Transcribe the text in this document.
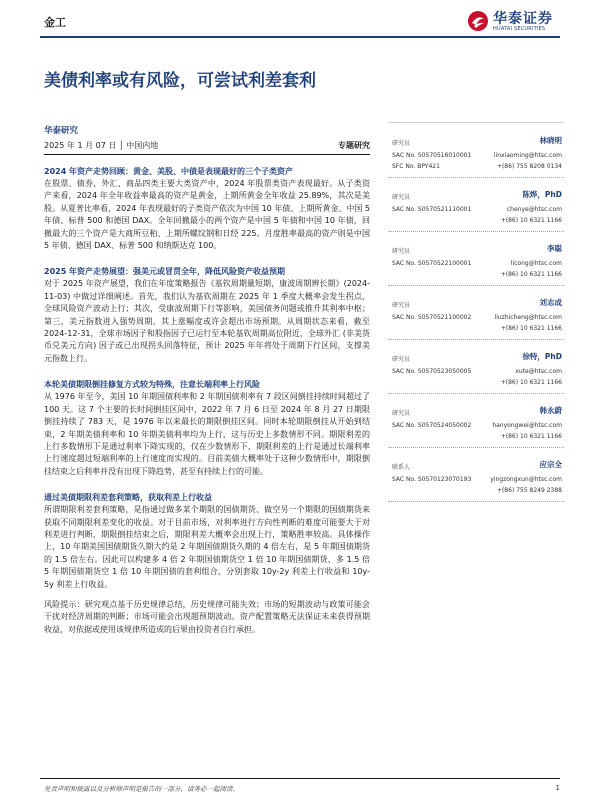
金工	华泰证券
HUATAI SECURITIES
美债利率或有风险，可尝试利差套利
华泰研究
2025 年 1 月 07 日 │ 中国内地	专题研究
2024 年资产走势回顾：黄金、美股、中债是表现最好的三个子类资产

在股票、债券、外汇、商品四类主要大类资产中，2024 年股票类资产表现最好。从子类资产来看，2024 年全年收益率最高的资产是黄金，上期所黄金全年收益 25.89%，其次是美股。从夏普比率看，2024 年表现最好的子类资产依次为中国 10 年债、上期所黄金、中国 5 年债、标普 500 和德国 DAX。全年回撤最小的两个资产是中国 5 年债和中国 10 年债，回撤最大的三个资产是大商所豆粕、上期所螺纹钢和日经 225。月度胜率最高的资产则是中国 5 年债、德国 DAX、标普 500 和纳斯达克 100。

2025 年资产走势展望：强美元或冒贯全年，降低风险资产收益预期

对于 2025 年资产展望，我们在年度策略报告《基钦周期量短期，康波周期辨长期》(2024-11-03) 中做过详细阐述。首先，我们认为基钦周期在 2025 年 1 季度大概率会发生拐点，全球风险资产波动上行；其次，受康波周期下行等影响，美国债务问题或推升其利率中枢；第三，美元指数进入强势周期，其上涨幅度或许会超出市场预期。从周期状态来看，截至 2024-12-31，全球市场因子和股指因子已运行至本轮基钦周期高位附近，全球外汇 (非美货币兑美元方向) 因子或已出现拐头回落特征，预计 2025 年年将处于周期下行区间，支撑美元指数上行。

本轮美债期限倒挂修复方式较为特殊，注意长端利率上行风险

从 1976 年至今，美国 10 年期国债利率和 2 年期国债利率有 7 段区间倒挂持续时间超过了 100 天。这 7 个主要的长时间倒挂区间中，2022 年 7 月 6 日至 2024 年 8 月 27 日期限倒挂持续了 783 天，是 1976 年以来最长的期限倒挂区间。同时本轮期限倒挂从开始到结束，2 年期美债利率和 10 年期美债利率均为上行，这与历史上多数情形不同。期限利差的上行多数情形下是通过利率下降实现的，仅在少数情形下，期限利差的上行是通过长端利率上行速度超过短端利率的上行速度而实现的。目前美债大概率处于这种少数情形中，期限倒挂结束之后利率并没有出现下降趋势，甚至有持续上行的可能。

通过美债期限利差套利策略，获取利差上行收益

所谓期限利差套利策略，是指通过做多某个期限的国债期货、做空另一个期限的国债期货来获取不同期限利差变化的收益。对于目前市场，对利率进行方向性判断的难度可能要大于对利差进行判断，期限倒挂结束之后，期限利差大概率会出现上行，策略胜率较高。具体操作上，10 年期美国国债期货久期大约是 2 年期国债期货久期的 4 倍左右，是 5 年期国债期货的 1.5 倍左右。因此可以构建多 4 倍 2 年期国债期货空 1 倍 10 年期国债期货、多 1.5 倍 5 年期国债期货空 1 倍 10 年期国债的套利组合，分别套取 10y-2y 利差上行收益和 10y-5y 利差上行收益。

风险提示：研究观点基于历史规律总结，历史规律可能失效；市场的短期波动与政策可能会干扰对经济周期的判断；市场可能会出现超预期波动。资产配置策略无法保证未来获得预期收益，对依据或使用该规律所造成的后果由投资者自行承担。

研究员	林晓明
SAC No. S0570516010001
SFC No. BPY421
linxiaoming@htsc.com
+(86) 755 8208 0134
研究员	陈烨，PhD
SAC No. S0570521110001	chenye@htsc.com
+(86) 10 6321 1166
研究员	李聪
SAC No. S0570522100001	licong@htsc.com
+(86) 10 6321 1166
研究员	刘志成
SAC No. S0570521100002	liuzhicheng@htsc.com
+(86) 10 6321 1166
研究员	徐特，PhD
SAC No. S0570523050005	xute@htsc.com
+(86) 10 6321 1166
研究员	韩永蔚
SAC No. S0570524050002	hanyongwei@htsc.com
+(86) 10 6321 1166
联系人	应宗全
SAC No. S0570123070193	yingzongxun@htsc.com
+(86) 755 8249 2388
免责声明和披露以及分析师声明是报告的一部分，请务必一起阅读。	1
